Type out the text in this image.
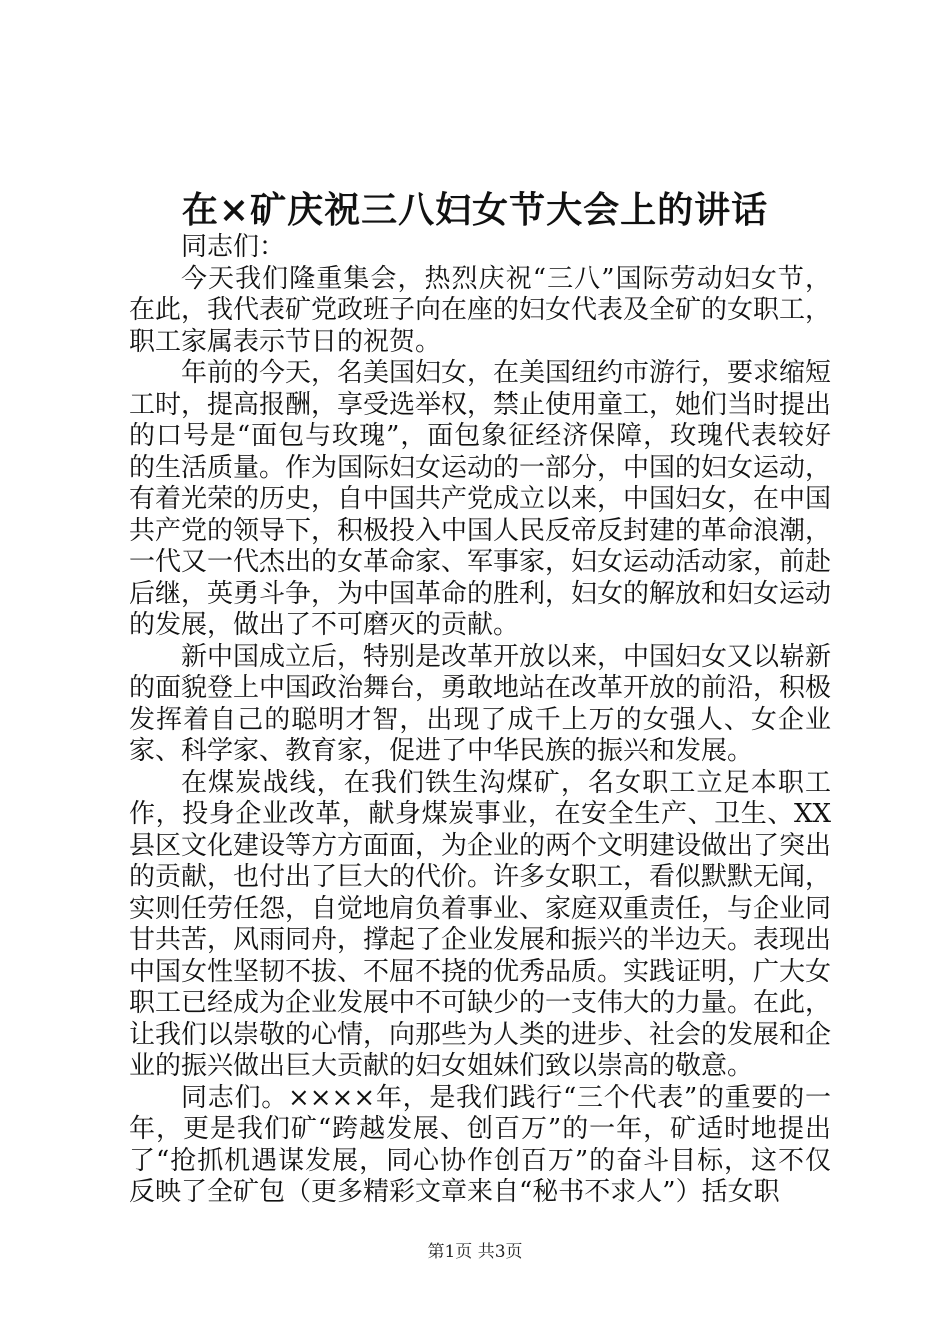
在×矿庆祝三八妇女节大会上的讲话

同志们：

今天我们隆重集会，热烈庆祝“三八”国际劳动妇女节，在此，我代表矿党政班子向在座的妇女代表及全矿的女职工，职工家属表示节日的祝贺。

年前的今天，名美国妇女，在美国纽约市游行，要求缩短工时，提高报酬，享受选举权，禁止使用童工，她们当时提出的口号是“面包与玫瑰”，面包象征经济保障，玫瑰代表较好的生活质量。作为国际妇女运动的一部分，中国的妇女运动，有着光荣的历史，自中国共产党成立以来，中国妇女，在中国共产党的领导下，积极投入中国人民反帝反封建的革命浪潮，一代又一代杰出的女革命家、军事家，妇女运动活动家，前赴后继，英勇斗争，为中国革命的胜利，妇女的解放和妇女运动的发展，做出了不可磨灭的贡献。

新中国成立后，特别是改革开放以来，中国妇女又以崭新的面貌登上中国政治舞台，勇敢地站在改革开放的前沿，积极发挥着自己的聪明才智，出现了成千上万的女强人、女企业家、科学家、教育家，促进了中华民族的振兴和发展。

在煤炭战线，在我们铁生沟煤矿，名女职工立足本职工作，投身企业改革，献身煤炭事业，在安全生产、卫生、XX县区文化建设等方方面面，为企业的两个文明建设做出了突出的贡献，也付出了巨大的代价。许多女职工，看似默默无闻，实则任劳任怨，自觉地肩负着事业、家庭双重责任，与企业同甘共苦，风雨同舟，撑起了企业发展和振兴的半边天。表现出中国女性坚韧不拔、不屈不挠的优秀品质。实践证明，广大女职工已经成为企业发展中不可缺少的一支伟大的力量。在此，让我们以崇敬的心情，向那些为人类的进步、社会的发展和企业的振兴做出巨大贡献的妇女姐妹们致以崇高的敬意。

同志们。××××年，是我们践行“三个代表”的重要的一年，更是我们矿“跨越发展、创百万”的一年，矿适时地提出了“抢抓机遇谋发展，同心协作创百万”的奋斗目标，这不仅反映了全矿包（更多精彩文章来自“秘书不求人”）括女职

第1页 共3页
